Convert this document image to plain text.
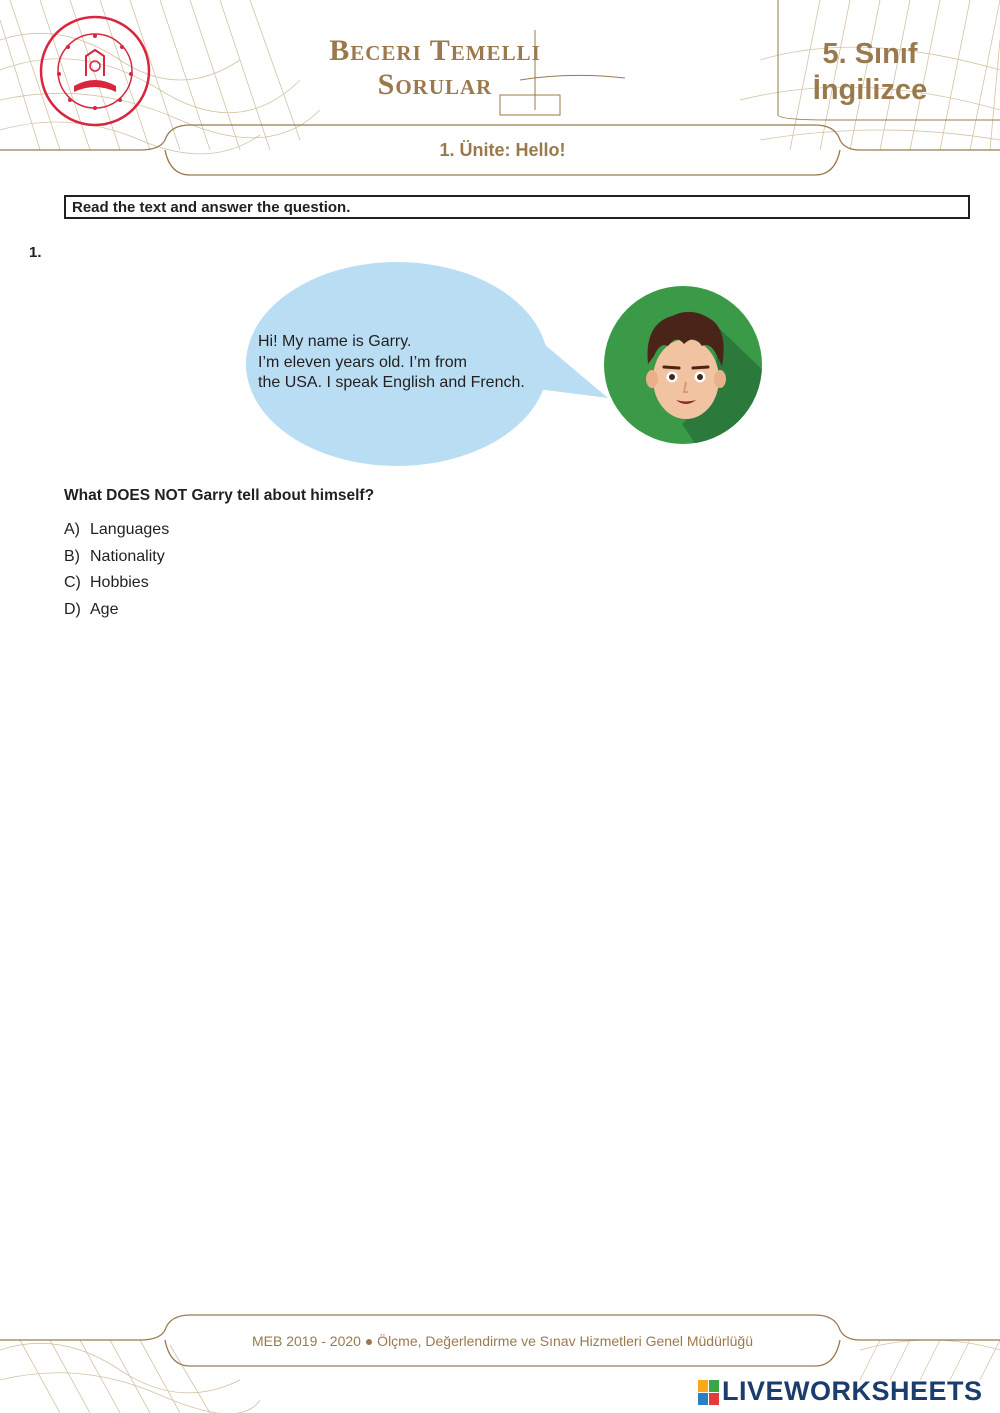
Beceri Temelli
Sorular
5. Sınıf
İngilizce
1. Ünite: Hello!
Read the text and answer the question.
1.
Hi! My name is Garry.
I’m eleven years old. I’m from
the USA. I speak English and French.
What DOES NOT Garry tell about himself?
A) Languages
B) Nationality
C) Hobbies
D) Age
MEB 2019 - 2020 ● Ölçme, Değerlendirme ve Sınav Hizmetleri Genel Müdürlüğü
LIVEWORKSHEETS
